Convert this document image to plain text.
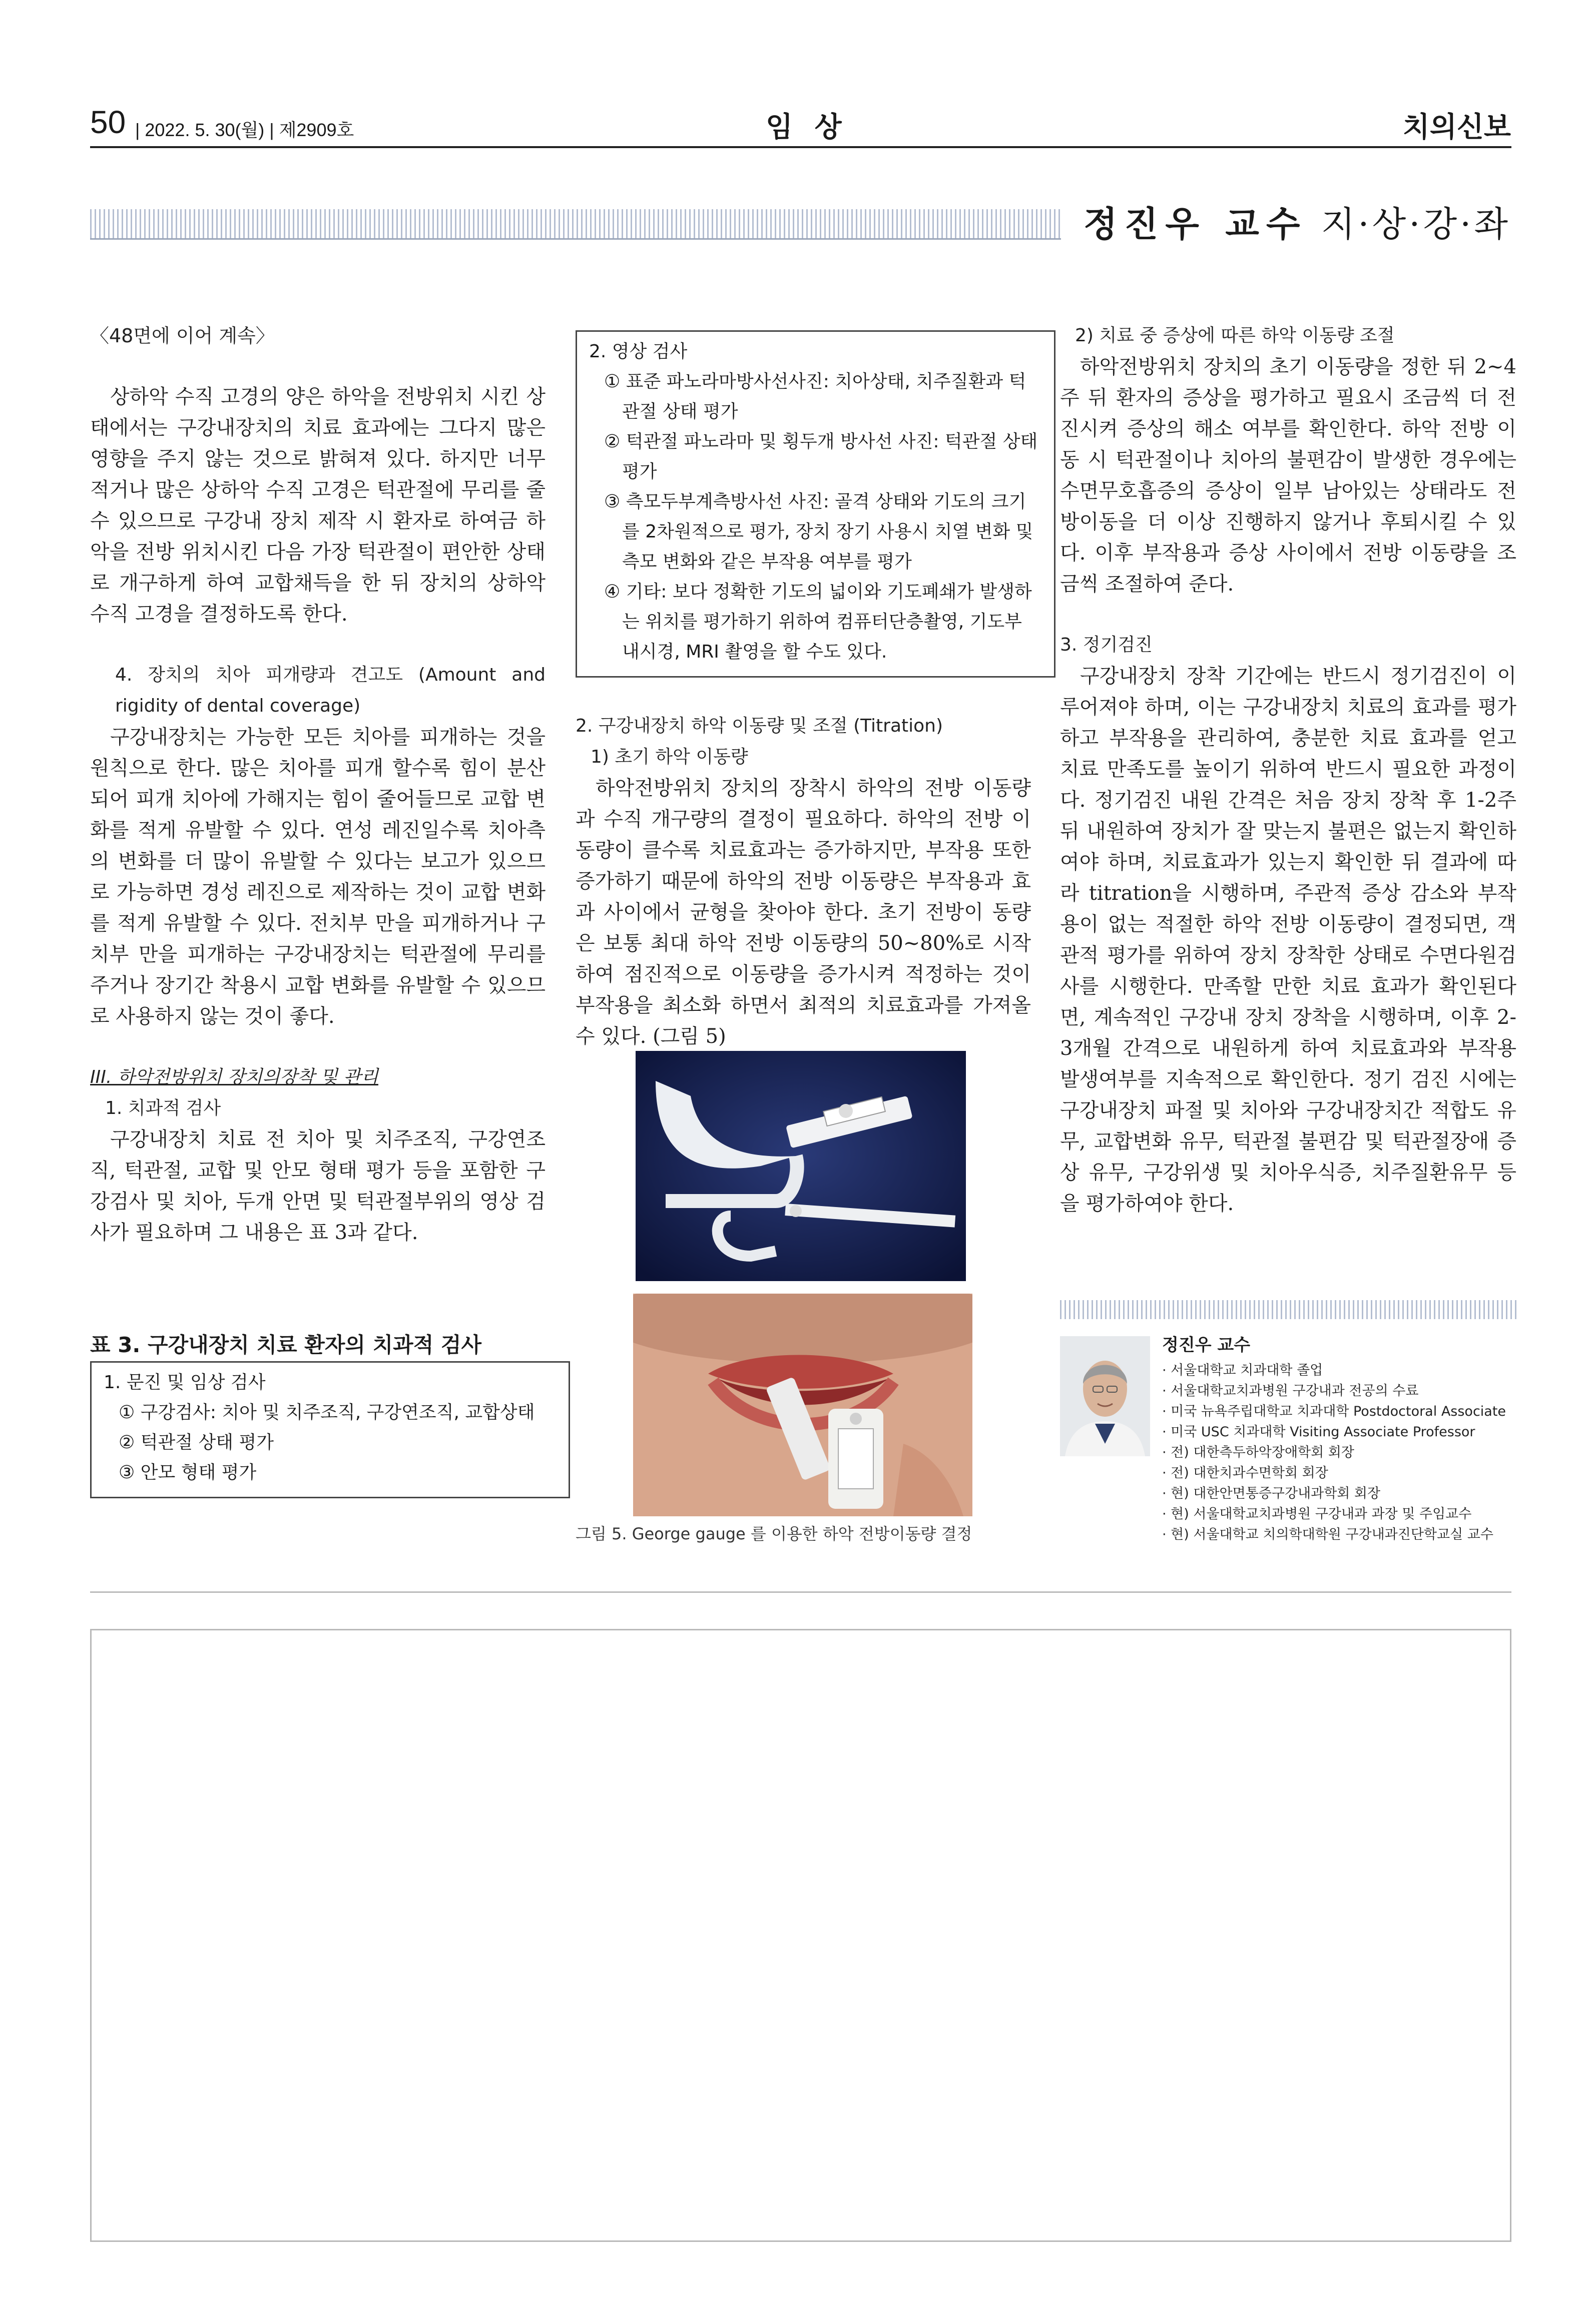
50 | 2022. 5. 30(월) | 제2909호	임 상	치의신보
정진우 교수 지·상·강·좌
〈48면에 이어 계속〉

상하악 수직 고경의 양은 하악을 전방위치 시킨 상태에서는 구강내장치의 치료 효과에는 그다지 많은 영향을 주지 않는 것으로 밝혀져 있다. 하지만 너무 적거나 많은 상하악 수직 고경은 턱관절에 무리를 줄 수 있으므로 구강내 장치 제작 시 환자로 하여금 하악을 전방 위치시킨 다음 가장 턱관절이 편안한 상태로 개구하게 하여 교합채득을 한 뒤 장치의 상하악 수직 고경을 결정하도록 한다.

4. 장치의 치아 피개량과 견고도 (Amount and rigidity of dental coverage)

구강내장치는 가능한 모든 치아를 피개하는 것을 원칙으로 한다. 많은 치아를 피개 할수록 힘이 분산되어 피개 치아에 가해지는 힘이 줄어들므로 교합 변화를 적게 유발할 수 있다. 연성 레진일수록 치아측의 변화를 더 많이 유발할 수 있다는 보고가 있으므로 가능하면 경성 레진으로 제작하는 것이 교합 변화를 적게 유발할 수 있다. 전치부 만을 피개하거나 구치부 만을 피개하는 구강내장치는 턱관절에 무리를 주거나 장기간 착용시 교합 변화를 유발할 수 있으므로 사용하지 않는 것이 좋다.

III. 하악전방위치 장치의장착 및 관리
1. 치과적 검사

구강내장치 치료 전 치아 및 치주조직, 구강연조직, 턱관절, 교합 및 안모 형태 평가 등을 포함한 구강검사 및 치아, 두개 안면 및 턱관절부위의 영상 검사가 필요하며 그 내용은 표 3과 같다.

표 3. 구강내장치 치료 환자의 치과적 검사
1. 문진 및 임상 검사
① 구강검사: 치아 및 치주조직, 구강연조직, 교합상태
② 턱관절 상태 평가
③ 안모 형태 평가
2. 영상 검사
① 표준 파노라마방사선사진: 치아상태, 치주질환과 턱관절 상태 평가
② 턱관절 파노라마 및 횡두개 방사선 사진: 턱관절 상태 평가
③ 측모두부계측방사선 사진: 골격 상태와 기도의 크기를 2차원적으로 평가, 장치 장기 사용시 치열 변화 및 측모 변화와 같은 부작용 여부를 평가
④ 기타: 보다 정확한 기도의 넓이와 기도폐쇄가 발생하는 위치를 평가하기 위하여 컴퓨터단층촬영, 기도부 내시경, MRI 촬영을 할 수도 있다.
2. 구강내장치 하악 이동량 및 조절 (Titration)
1) 초기 하악 이동량

하악전방위치 장치의 장착시 하악의 전방 이동량과 수직 개구량의 결정이 필요하다. 하악의 전방 이동량이 클수록 치료효과는 증가하지만, 부작용 또한 증가하기 때문에 하악의 전방 이동량은 부작용과 효과 사이에서 균형을 찾아야 한다. 초기 전방이 동량은 보통 최대 하악 전방 이동량의 50~80%로 시작하여 점진적으로 이동량을 증가시켜 적정하는 것이 부작용을 최소화 하면서 최적의 치료효과를 가져올 수 있다. (그림 5)

그림 5. George gauge 를 이용한 하악 전방이동량 결정
2) 치료 중 증상에 따른 하악 이동량 조절

하악전방위치 장치의 초기 이동량을 정한 뒤 2~4주 뒤 환자의 증상을 평가하고 필요시 조금씩 더 전진시켜 증상의 해소 여부를 확인한다. 하악 전방 이동 시 턱관절이나 치아의 불편감이 발생한 경우에는 수면무호흡증의 증상이 일부 남아있는 상태라도 전방이동을 더 이상 진행하지 않거나 후퇴시킬 수 있다. 이후 부작용과 증상 사이에서 전방 이동량을 조금씩 조절하여 준다.

3. 정기검진

구강내장치 장착 기간에는 반드시 정기검진이 이루어져야 하며, 이는 구강내장치 치료의 효과를 평가하고 부작용을 관리하여, 충분한 치료 효과를 얻고 치료 만족도를 높이기 위하여 반드시 필요한 과정이다. 정기검진 내원 간격은 처음 장치 장착 후 1-2주 뒤 내원하여 장치가 잘 맞는지 불편은 없는지 확인하여야 하며, 치료효과가 있는지 확인한 뒤 결과에 따라 titration을 시행하며, 주관적 증상 감소와 부작용이 없는 적절한 하악 전방 이동량이 결정되면, 객관적 평가를 위하여 장치 장착한 상태로 수면다원검사를 시행한다. 만족할 만한 치료 효과가 확인된다면, 계속적인 구강내 장치 장착을 시행하며, 이후 2-3개월 간격으로 내원하게 하여 치료효과와 부작용 발생여부를 지속적으로 확인한다. 정기 검진 시에는 구강내장치 파절 및 치아와 구강내장치간 적합도 유무, 교합변화 유무, 턱관절 불편감 및 턱관절장애 증상 유무, 구강위생 및 치아우식증, 치주질환유무 등을 평가하여야 한다.

정진우 교수
· 서울대학교 치과대학 졸업
· 서울대학교치과병원 구강내과 전공의 수료
· 미국 뉴욕주립대학교 치과대학 Postdoctoral Associate
· 미국 USC 치과대학 Visiting Associate Professor
· 전) 대한측두하악장애학회 회장
· 전) 대한치과수면학회 회장
· 현) 대한안면통증구강내과학회 회장
· 현) 서울대학교치과병원 구강내과 과장 및 주임교수
· 현) 서울대학교 치의학대학원 구강내과진단학교실 교수
